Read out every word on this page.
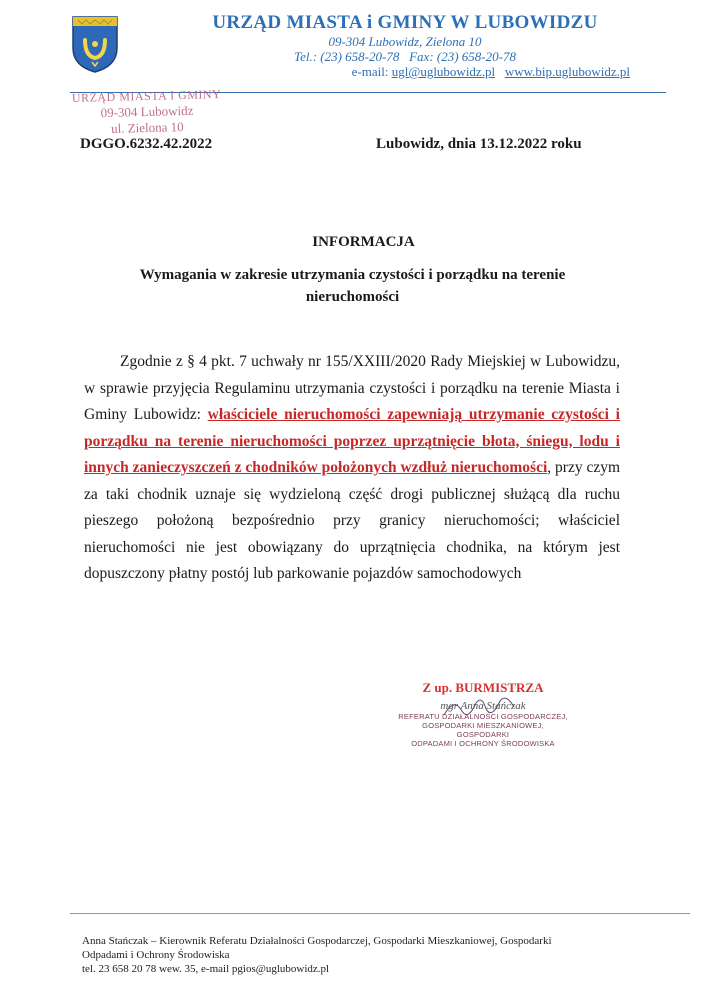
URZĄD MIASTA i GMINY W LUBOWIDZU
09-304 Lubowidz, Zielona 10
Tel.: (23) 658-20-78 Fax: (23) 658-20-78
e-mail: ugl@uglubowidz.pl www.bip.uglubowidz.pl
URZĄD MIASTA I GMINY
09-304 Lubowidz
ul. Zielona 10
DGGO.6232.42.2022	Lubowidz, dnia 13.12.2022 roku
INFORMACJA
Wymagania w zakresie utrzymania czystości i porządku na terenie nieruchomości

Zgodnie z § 4 pkt. 7 uchwały nr 155/XXIII/2020 Rady Miejskiej w Lubowidzu, w sprawie przyjęcia Regulaminu utrzymania czystości i porządku na terenie Miasta i Gminy Lubowidz: właściciele nieruchomości zapewniają utrzymanie czystości i porządku na terenie nieruchomości poprzez uprzątnięcie błota, śniegu, lodu i innych zanieczyszczeń z chodników położonych wzdłuż nieruchomości, przy czym za taki chodnik uznaje się wydzieloną część drogi publicznej służącą dla ruchu pieszego położoną bezpośrednio przy granicy nieruchomości; właściciel nieruchomości nie jest obowiązany do uprzątnięcia chodnika, na którym jest dopuszczony płatny postój lub parkowanie pojazdów samochodowych

Z up. BURMISTRZA
mgr Anna Stańczak
REFERATU DZIAŁALNOŚCI GOSPODARCZEJ,
GOSPODARKI MIESZKANIOWEJ, GOSPODARKI
ODPADAMI I OCHRONY ŚRODOWISKA
Anna Stańczak – Kierownik Referatu Działalności Gospodarczej, Gospodarki Mieszkaniowej, Gospodarki
Odpadami i Ochrony Środowiska
tel. 23 658 20 78 wew. 35, e-mail pgios@uglubowidz.pl
